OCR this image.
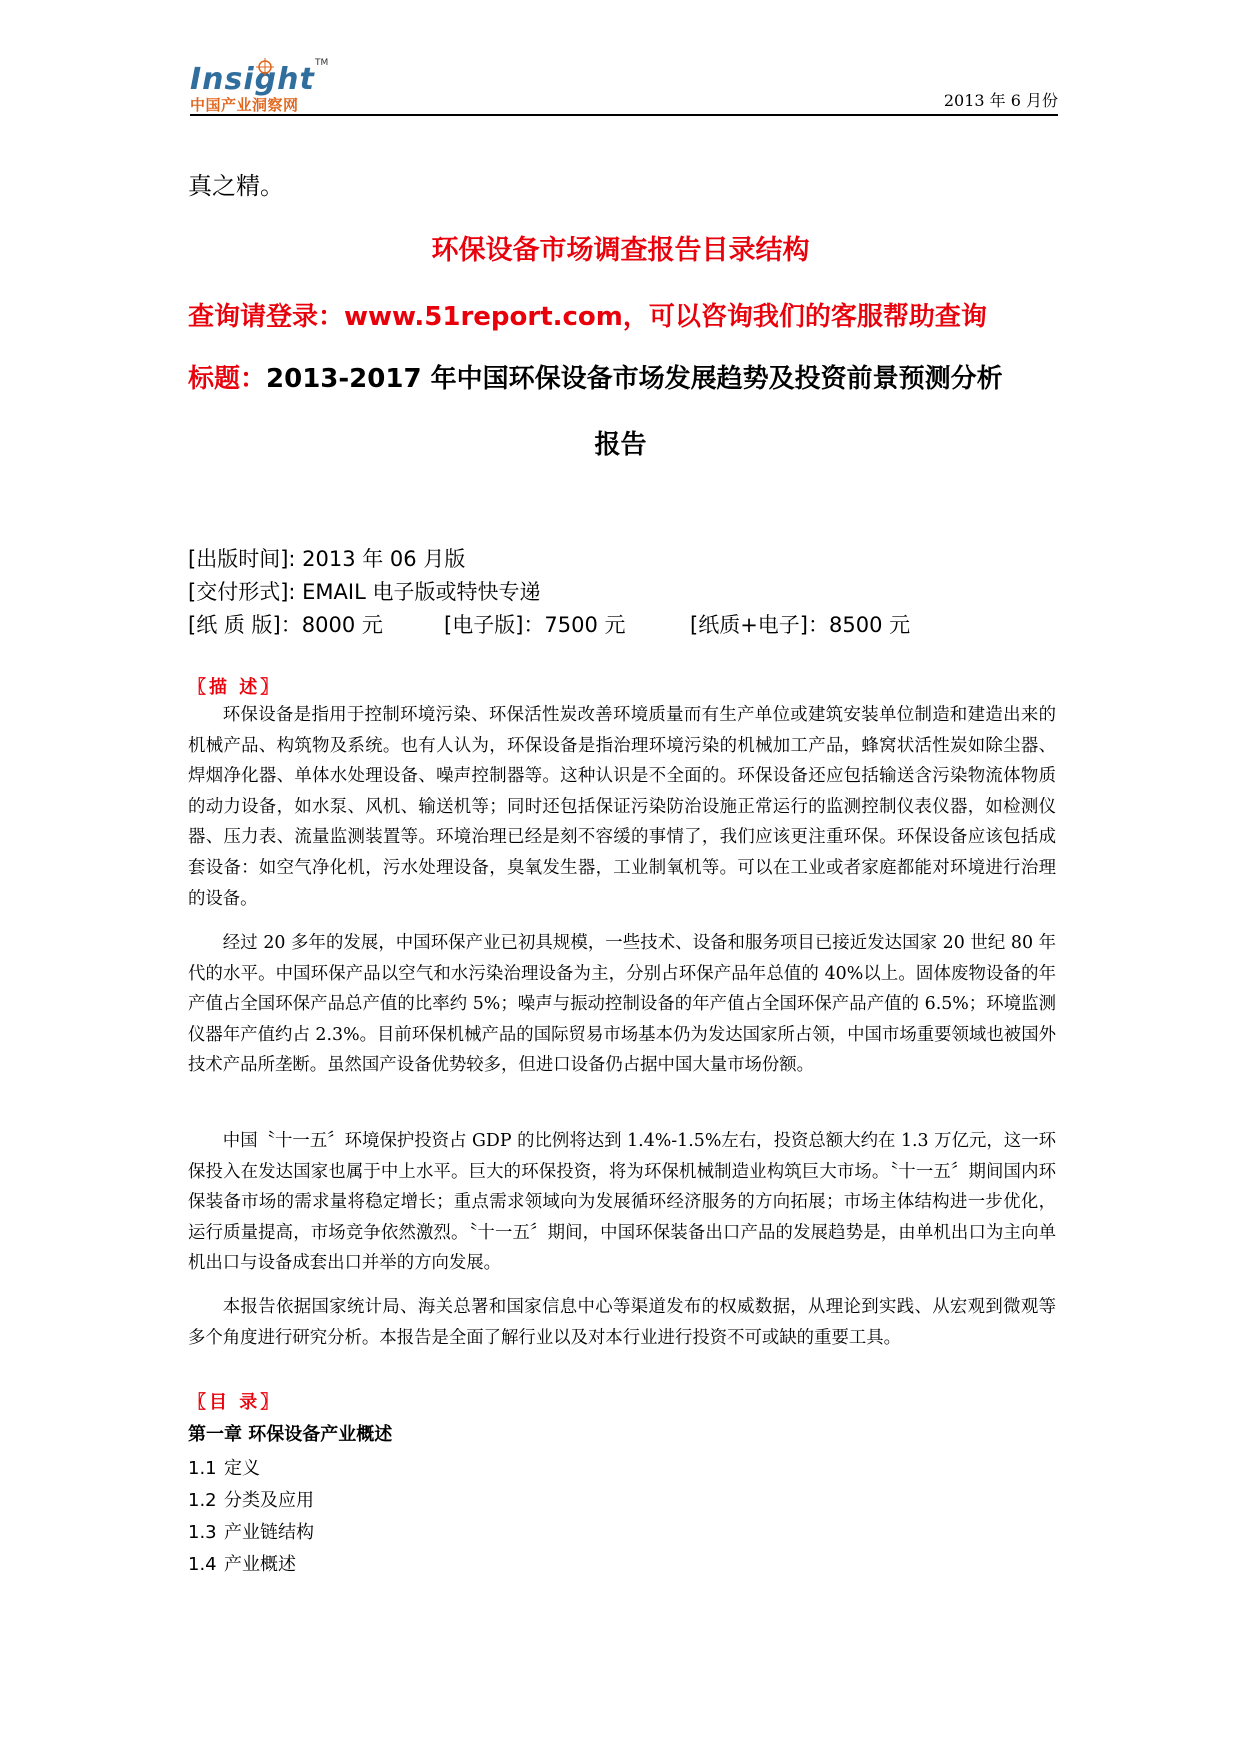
Insight TM
中国产业洞察网	2013 年 6 月份
真之精。
环保设备市场调查报告目录结构
查询请登录：www.51report.com，可以咨询我们的客服帮助查询
标题：2013-2017 年中国环保设备市场发展趋势及投资前景预测分析
报告
[出版时间]: 2013 年 06 月版
[交付形式]: EMAIL 电子版或特快专递
[纸 质 版]：8000 元	[电子版]：7500 元	[纸质+电子]：8500 元
〖描 述〗

环保设备是指用于控制环境污染、环保活性炭改善环境质量而有生产单位或建筑安装单位制造和建造出来的机械产品、构筑物及系统。也有人认为，环保设备是指治理环境污染的机械加工产品，蜂窝状活性炭如除尘器、焊烟净化器、单体水处理设备、噪声控制器等。这种认识是不全面的。环保设备还应包括输送含污染物流体物质的动力设备，如水泵、风机、输送机等；同时还包括保证污染防治设施正常运行的监测控制仪表仪器，如检测仪器、压力表、流量监测装置等。环境治理已经是刻不容缓的事情了，我们应该更注重环保。环保设备应该包括成套设备：如空气净化机，污水处理设备，臭氧发生器，工业制氧机等。可以在工业或者家庭都能对环境进行治理的设备。

经过 20 多年的发展，中国环保产业已初具规模，一些技术、设备和服务项目已接近发达国家 20 世纪 80 年代的水平。中国环保产品以空气和水污染治理设备为主，分别占环保产品年总值的 40%以上。固体废物设备的年产值占全国环保产品总产值的比率约 5%；噪声与振动控制设备的年产值占全国环保产品产值的 6.5%；环境监测仪器年产值约占 2.3%。目前环保机械产品的国际贸易市场基本仍为发达国家所占领，中国市场重要领域也被国外技术产品所垄断。虽然国产设备优势较多，但进口设备仍占据中国大量市场份额。

中国〝十一五〞环境保护投资占 GDP 的比例将达到 1.4%-1.5%左右，投资总额大约在 1.3 万亿元，这一环保投入在发达国家也属于中上水平。巨大的环保投资，将为环保机械制造业构筑巨大市场。〝十一五〞期间国内环保装备市场的需求量将稳定增长；重点需求领域向为发展循环经济服务的方向拓展；市场主体结构进一步优化，运行质量提高，市场竞争依然激烈。〝十一五〞期间，中国环保装备出口产品的发展趋势是，由单机出口为主向单机出口与设备成套出口并举的方向发展。

本报告依据国家统计局、海关总署和国家信息中心等渠道发布的权威数据，从理论到实践、从宏观到微观等多个角度进行研究分析。本报告是全面了解行业以及对本行业进行投资不可或缺的重要工具。

〖目 录〗
第一章 环保设备产业概述
1.1 定义
1.2 分类及应用
1.3 产业链结构
1.4 产业概述
